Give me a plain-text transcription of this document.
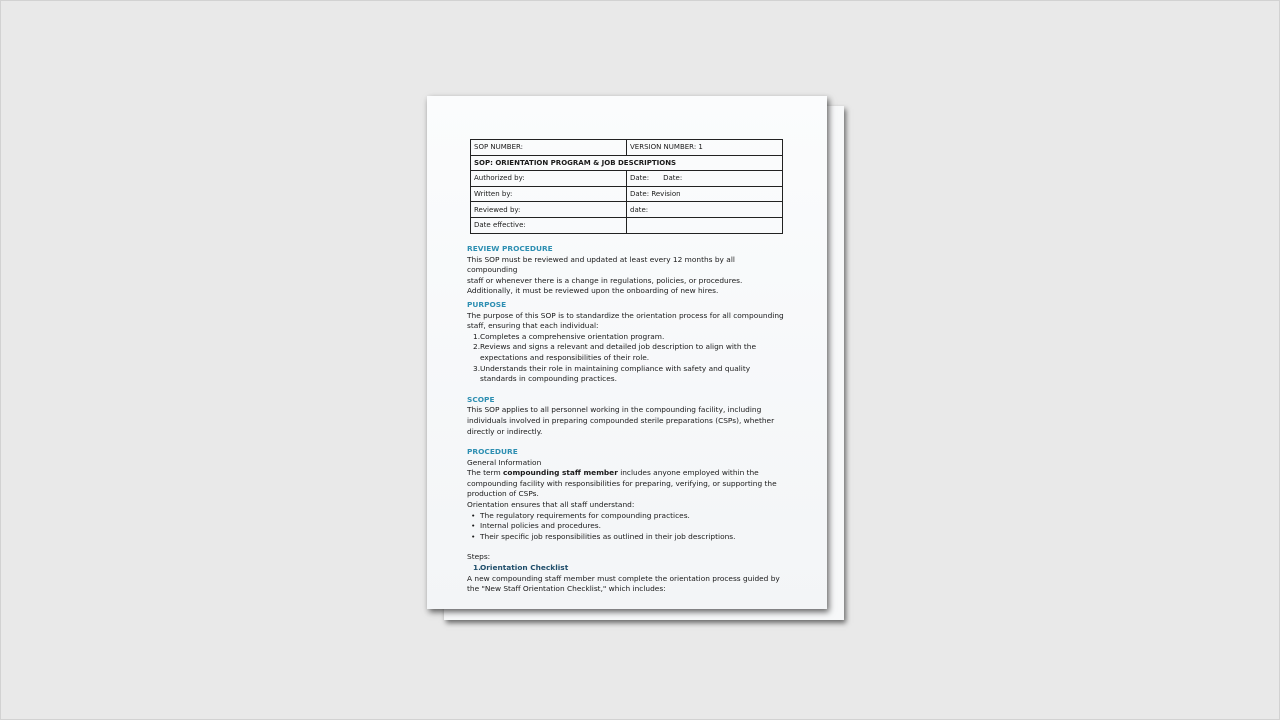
SOP NUMBER:	VERSION NUMBER: 1
SOP: ORIENTATION PROGRAM & JOB DESCRIPTIONS	
Authorized by:	Date: Date:
Written by:	Date: Revision
Reviewed by:	date:
Date effective:	
REVIEW PROCEDURE

This SOP must be reviewed and updated at least every 12 months by all compounding

staff or whenever there is a change in regulations, policies, or procedures.

Additionally, it must be reviewed upon the onboarding of new hires.

PURPOSE

The purpose of this SOP is to standardize the orientation process for all compounding

staff, ensuring that each individual:

1. Completes a comprehensive orientation program.
2. Reviews and signs a relevant and detailed job description to align with the
expectations and responsibilities of their role.
3. Understands their role in maintaining compliance with safety and quality
standards in compounding practices.
SCOPE

This SOP applies to all personnel working in the compounding facility, including

individuals involved in preparing compounded sterile preparations (CSPs), whether

directly or indirectly.

PROCEDURE

General Information

The term compounding staff member includes anyone employed within the

compounding facility with responsibilities for preparing, verifying, or supporting the

production of CSPs.

Orientation ensures that all staff understand:

• The regulatory requirements for compounding practices.
• Internal policies and procedures.
• Their specific job responsibilities as outlined in their job descriptions.

Steps:

1. Orientation Checklist

A new compounding staff member must complete the orientation process guided by

the "New Staff Orientation Checklist," which includes:
